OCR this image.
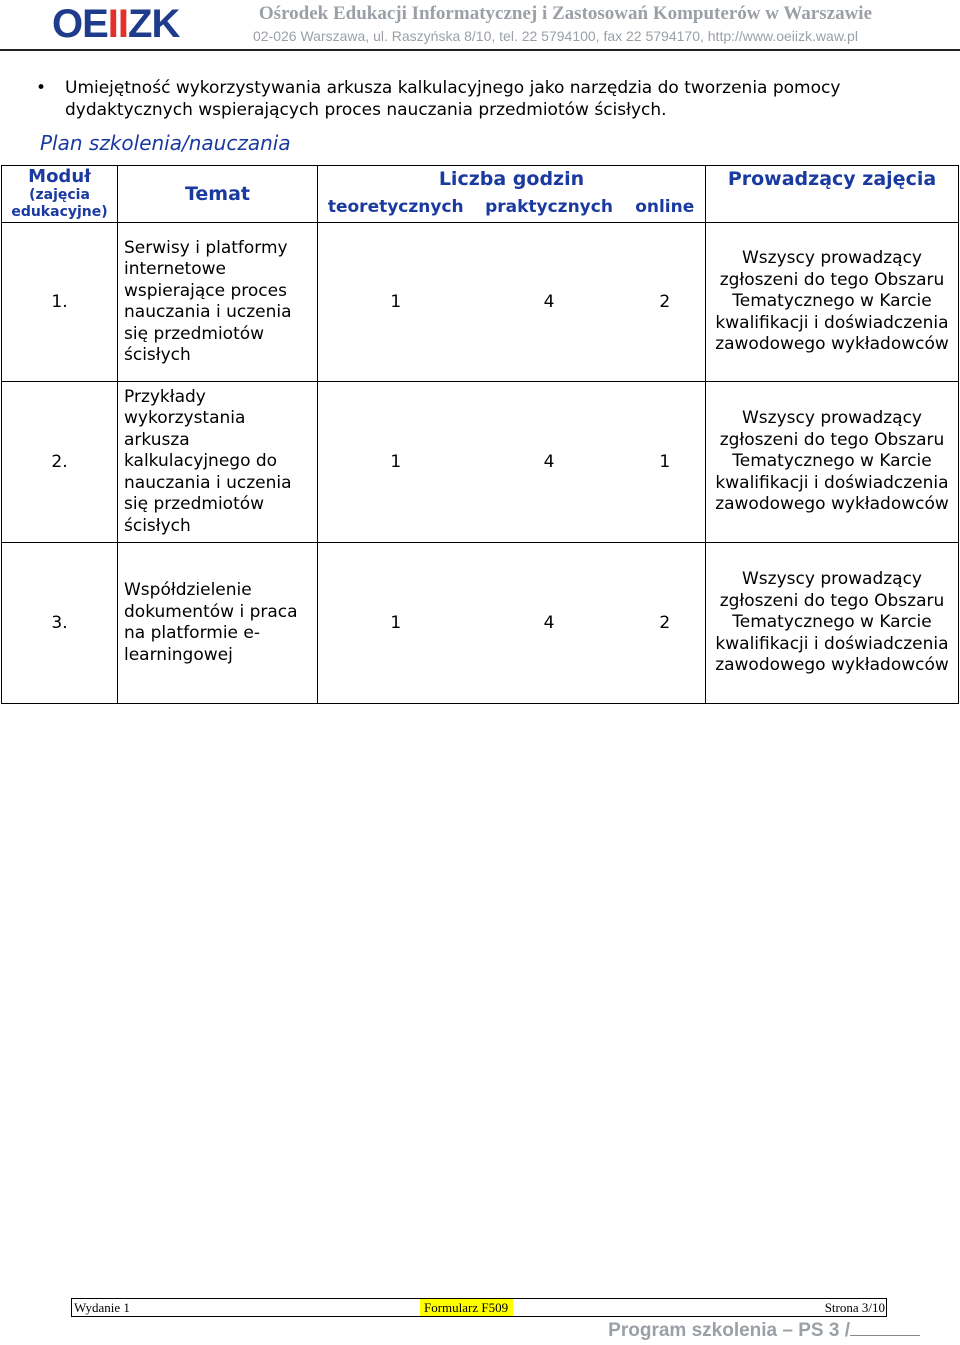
OEIIZK	Ośrodek Edukacji Informatycznej i Zastosowań Komputerów w Warszawie
02-026 Warszawa, ul. Raszyńska 8/10, tel. 22 5794100, fax 22 5794170, http://www.oeiizk.waw.pl
• Umiejętność wykorzystywania arkusza kalkulacyjnego jako narzędzia do tworzenia pomocy dydaktycznych wspierających proces nauczania przedmiotów ścisłych.
Plan szkolenia/nauczania
Moduł
(zajęcia edukacyjne)	Temat	Liczba godzin			Prowadzący zajęcia
		teoretycznych	praktycznych	online	
1.	Serwisy i platformy internetowe wspierające proces nauczania i uczenia się przedmiotów ścisłych	1	4	2	Wszyscy prowadzący zgłoszeni do tego Obszaru Tematycznego w Karcie kwalifikacji i doświadczenia zawodowego wykładowców
2.	Przykłady wykorzystania arkusza kalkulacyjnego do nauczania i uczenia się przedmiotów ścisłych	1	4	1	Wszyscy prowadzący zgłoszeni do tego Obszaru Tematycznego w Karcie kwalifikacji i doświadczenia zawodowego wykładowców
3.	Współdzielenie dokumentów i praca na platformie e-learningowej	1	4	2	Wszyscy prowadzący zgłoszeni do tego Obszaru Tematycznego w Karcie kwalifikacji i doświadczenia zawodowego wykładowców
Wydanie 1	Formularz F509	Strona 3/10
Program szkolenia – PS 3 /
